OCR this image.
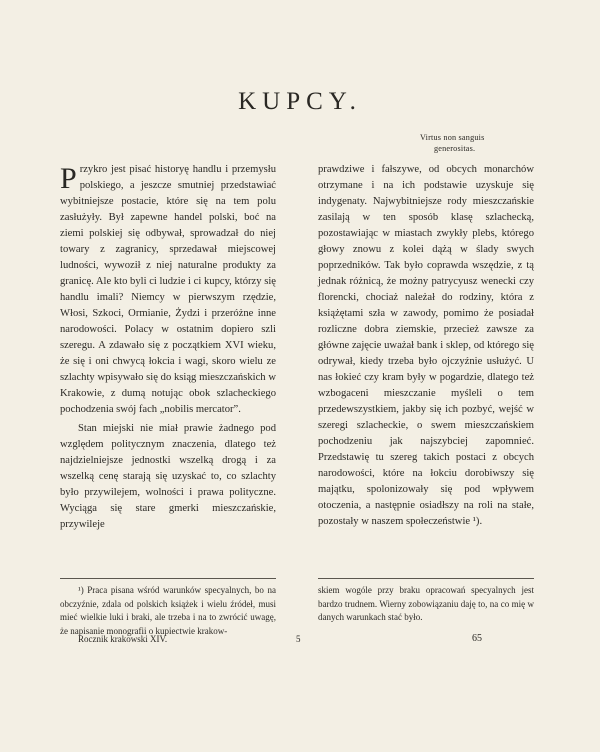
KUPCY.
Virtus non sanguis
generositas.

Przykro jest pisać historyę handlu i przemysłu polskiego, a jeszcze smutniej przedstawiać wybitniejsze postacie, które się na tem polu zasłużyły. Był zapewne handel polski, boć na ziemi polskiej się odbywał, sprowadzał do niej towary z zagranicy, sprzedawał miejscowej ludności, wywoził z niej naturalne produkty za granicę. Ale kto byli ci ludzie i ci kupcy, którzy się handlu imali? Niemcy w pierwszym rzędzie, Włosi, Szkoci, Ormianie, Żydzi i przeróżne inne narodowości. Polacy w ostatnim dopiero szli szeregu. A zdawało się z początkiem XVI wieku, że się i oni chwycą łokcia i wagi, skoro wielu ze szlachty wpisywało się do ksiąg mieszczańskich w Krakowie, z dumą notując obok szlacheckiego pochodzenia swój fach „nobilis mercator”.

Stan miejski nie miał prawie żadnego pod względem politycznym znaczenia, dlatego też najdzielniejsze jednostki wszelką drogą i za wszelką cenę starają się uzyskać to, co szlachty było przywilejem, wolności i prawa polityczne. Wyciąga się stare gmerki mieszczańskie, przywileje

prawdziwe i fałszywe, od obcych monarchów otrzymane i na ich podstawie uzyskuje się indygenaty. Najwybitniejsze rody mieszczańskie zasilają w ten sposób klasę szlachecką, pozostawiając w miastach zwykły plebs, którego głowy znowu z kolei dążą w ślady swych poprzedników. Tak było coprawda wszędzie, z tą jednak różnicą, że możny patrycyusz wenecki czy florencki, chociaż należał do rodziny, która z książętami szła w zawody, pomimo że posiadał rozliczne dobra ziemskie, przecież zawsze za główne zajęcie uważał bank i sklep, od którego się odrywał, kiedy trzeba było ojczyźnie usłużyć. U nas łokieć czy kram były w pogardzie, dlatego też wzbogaceni mieszczanie myśleli o tem przedewszystkiem, jakby się ich pozbyć, wejść w szeregi szlacheckie, o swem mieszczańskiem pochodzeniu jak najszybciej zapomnieć. Przedstawię tu szereg takich postaci z obcych narodowości, które na łokciu dorobiwszy się majątku, spolonizowały się pod wpływem otoczenia, a następnie osiadłszy na roli na stałe, pozostały w naszem społeczeństwie ¹).

¹) Praca pisana wśród warunków specyalnych, bo na obczyźnie, zdala od polskich książek i wielu źródeł, musi mieć wielkie luki i braki, ale trzeba i na to zwrócić uwagę, że napisanie monografii o kupiectwie krakow-
skiem wogóle przy braku opracowań specyalnych jest bardzo trudnem. Wierny zobowiązaniu daję to, na co mię w danych warunkach stać było.
Rocznik krakowski XIV.	5	65
